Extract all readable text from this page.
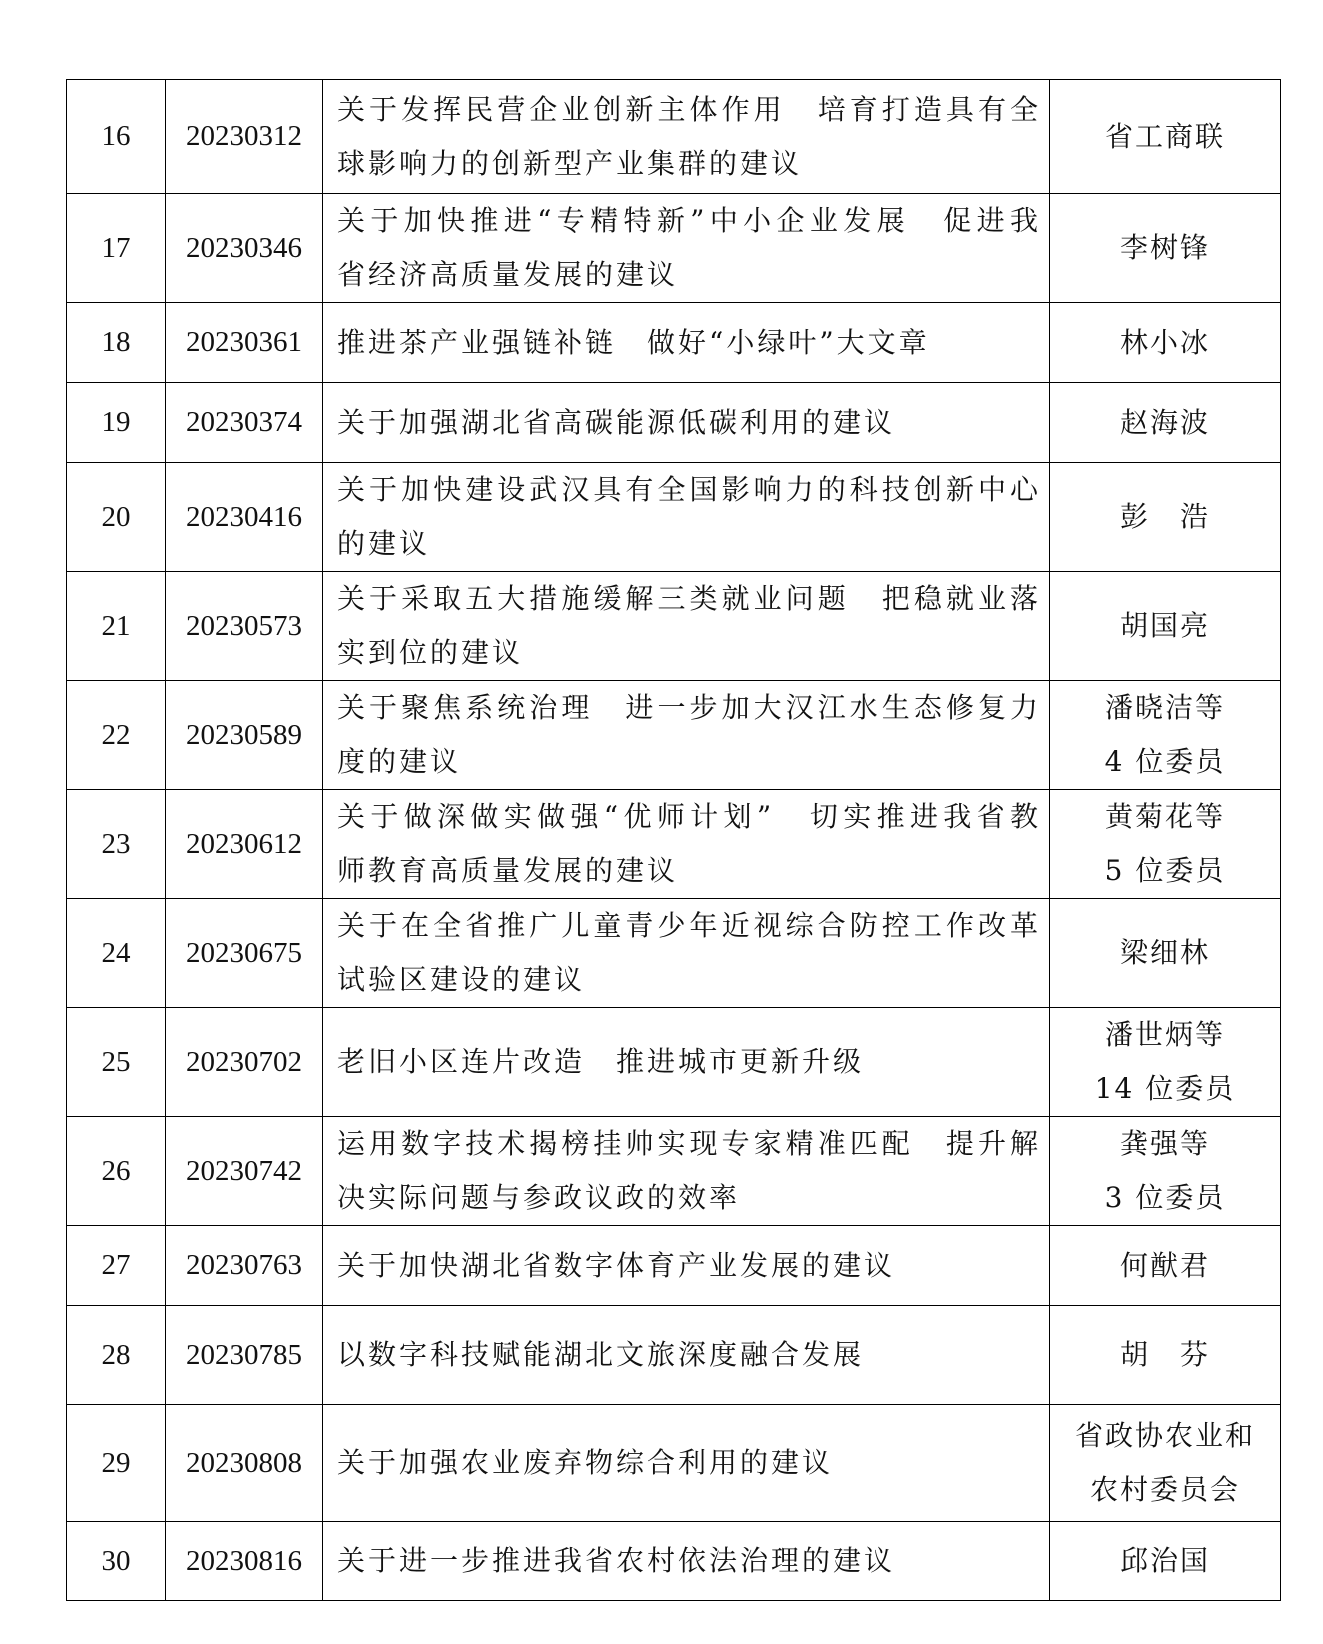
16	20230312	关于发挥民营企业创新主体作用　培育打造具有全
球影响力的创新型产业集群的建议	省工商联

17	20230346	关于加快推进“专精特新”中小企业发展　促进我
省经济高质量发展的建议	李树锋

18	20230361	推进茶产业强链补链　做好“小绿叶”大文章	林小冰

19	20230374	关于加强湖北省高碳能源低碳利用的建议	赵海波

20	20230416	关于加快建设武汉具有全国影响力的科技创新中心
的建议	彭　浩

21	20230573	关于采取五大措施缓解三类就业问题　把稳就业落
实到位的建议	胡国亮

22	20230589	关于聚焦系统治理　进一步加大汉江水生态修复力
度的建议	潘晓洁等
4 位委员

23	20230612	关于做深做实做强“优师计划”　切实推进我省教
师教育高质量发展的建议	黄菊花等
5 位委员

24	20230675	关于在全省推广儿童青少年近视综合防控工作改革
试验区建设的建议	梁细林

25	20230702	老旧小区连片改造　推进城市更新升级	潘世炳等
14 位委员

26	20230742	运用数字技术揭榜挂帅实现专家精准匹配　提升解
决实际问题与参政议政的效率	龚强等
3 位委员

27	20230763	关于加快湖北省数字体育产业发展的建议	何猷君

28	20230785	以数字科技赋能湖北文旅深度融合发展	胡　芬

29	20230808	关于加强农业废弃物综合利用的建议	省政协农业和
农村委员会

30	20230816	关于进一步推进我省农村依法治理的建议	邱治国
